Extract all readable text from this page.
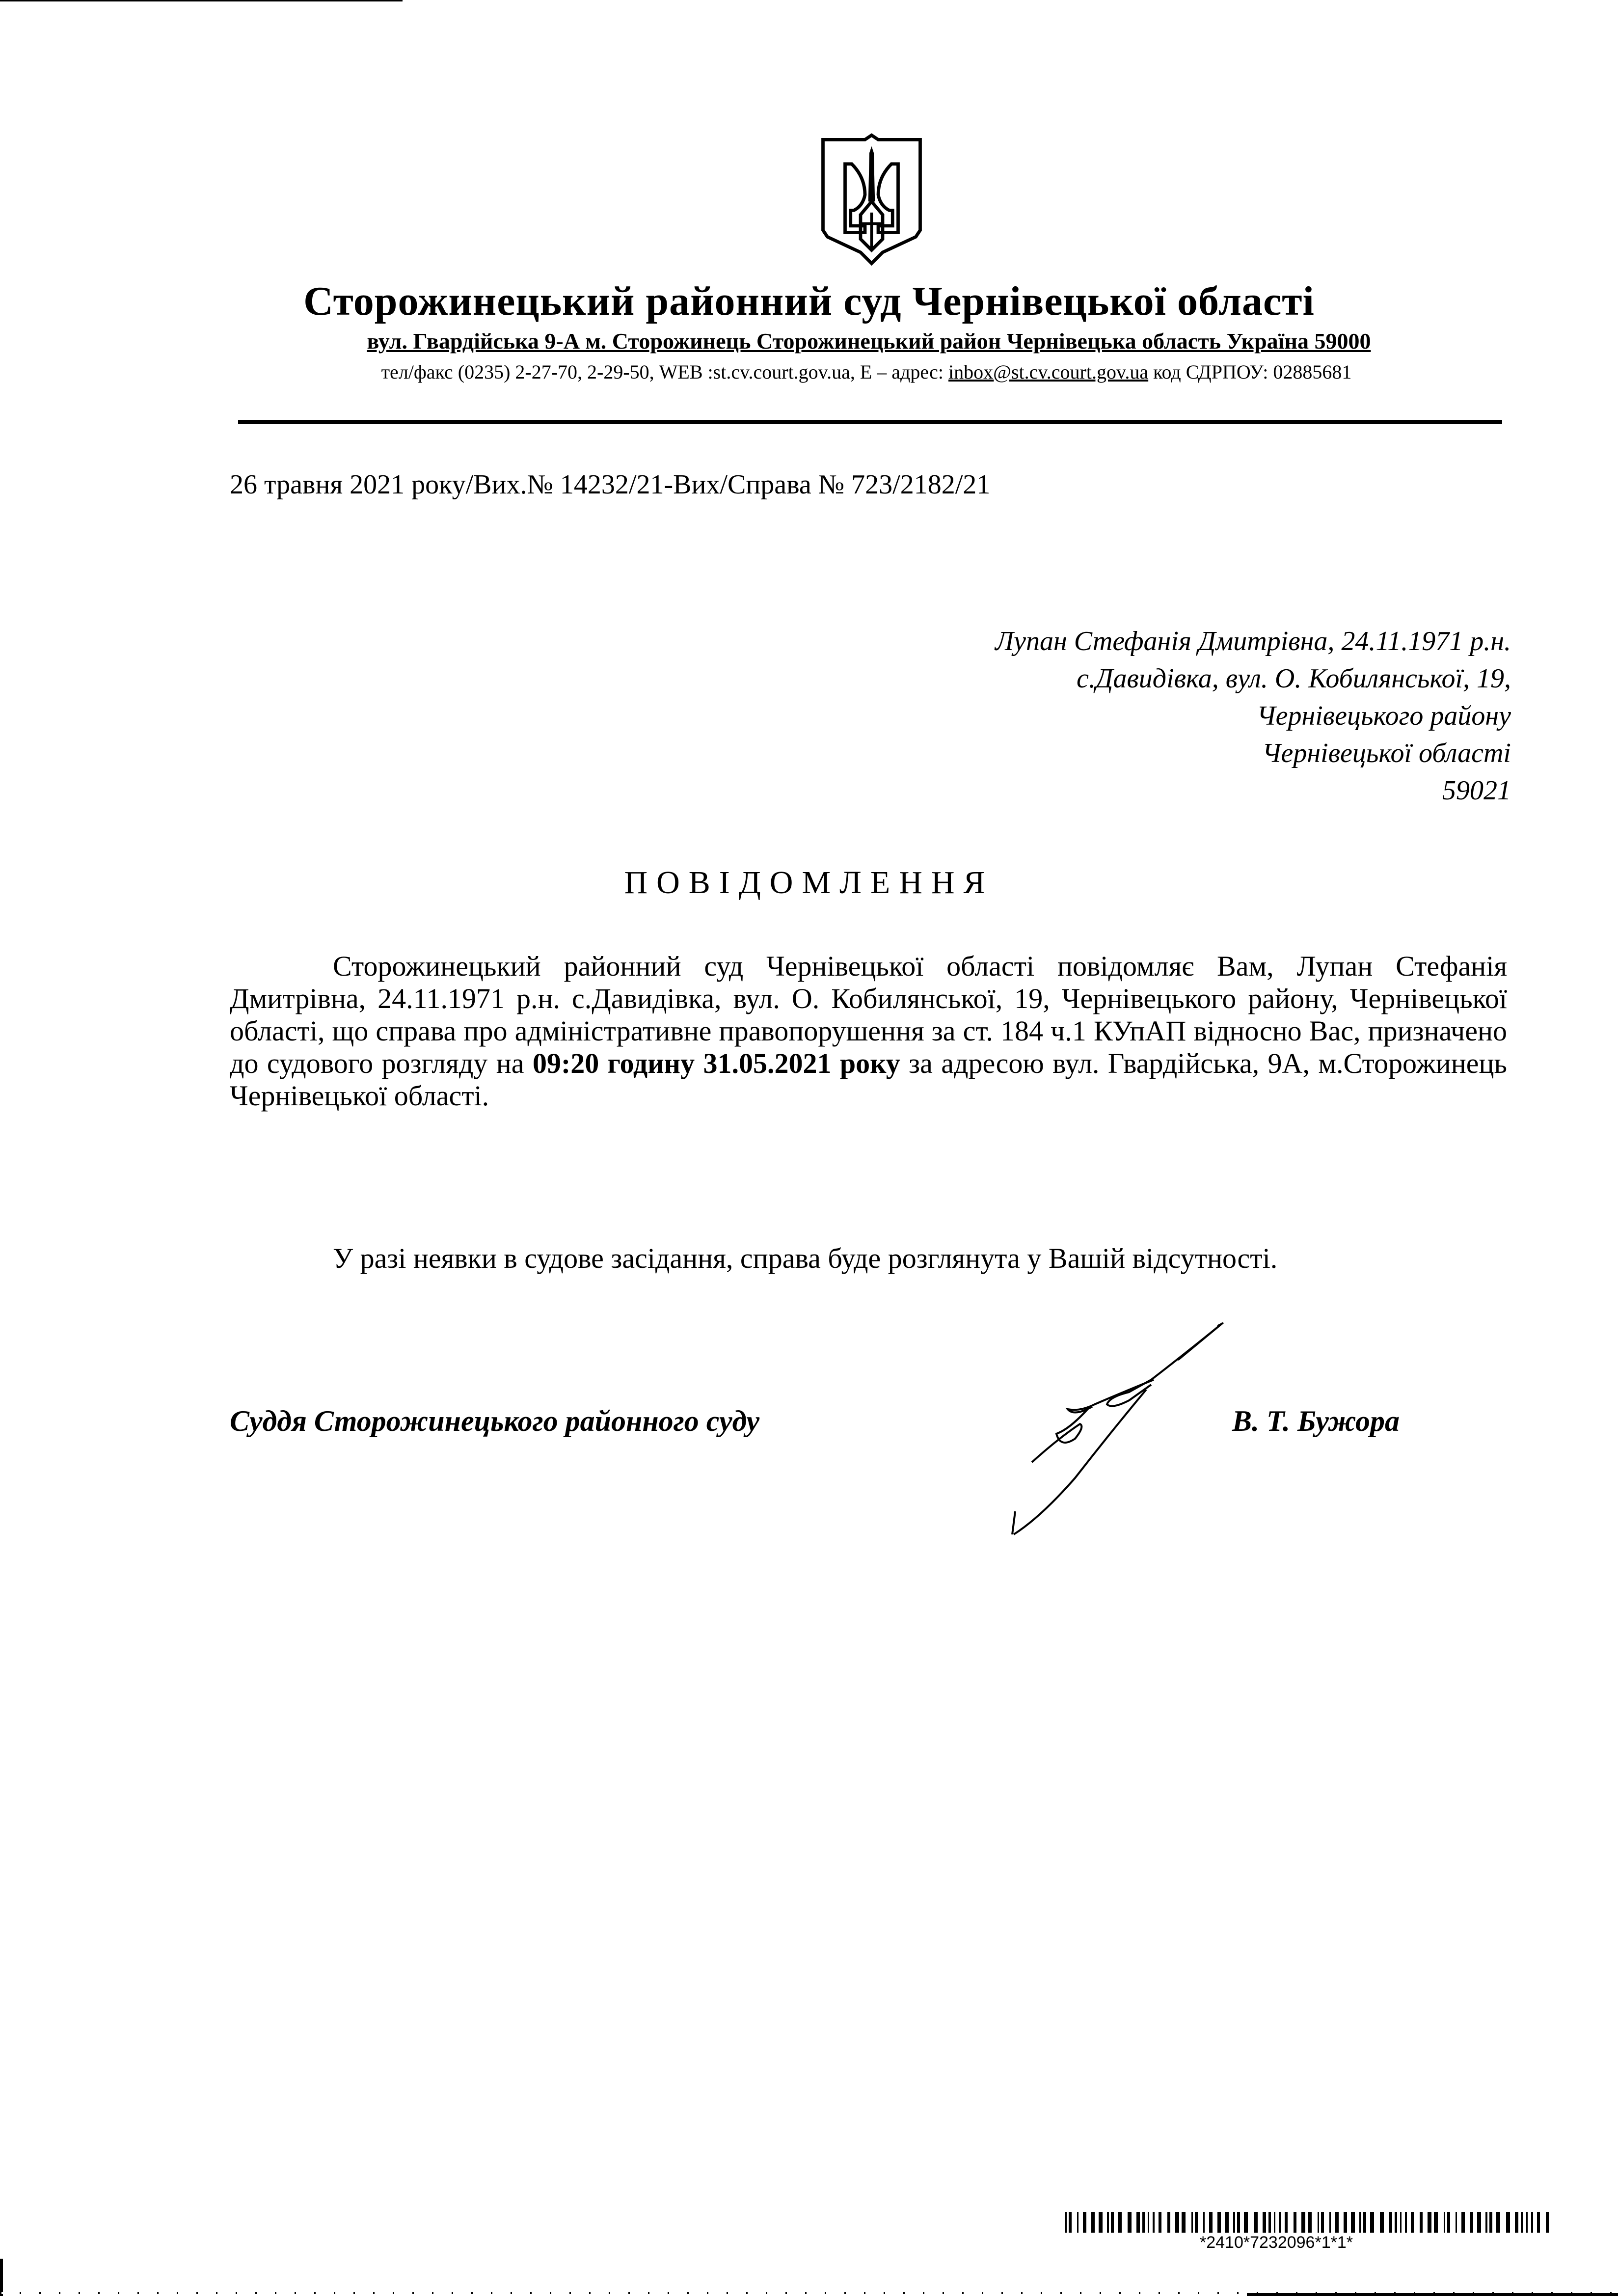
Сторожинецький районний суд Чернівецької області
вул. Гвардійська 9-А м. Сторожинець Сторожинецький район Чернівецька область Україна 59000
тел/факс (0235) 2-27-70, 2-29-50, WEB :st.cv.court.gov.ua, Е – адрес: inbox@st.cv.court.gov.ua код СДРПОУ: 02885681
26 травня 2021 року/Вих.№ 14232/21-Вих/Справа № 723/2182/21
Лупан Стефанія Дмитрівна, 24.11.1971 р.н.
с.Давидівка, вул. О. Кобилянської, 19,
Чернівецького району
Чернівецької області
59021
ПОВІДОМЛЕННЯ
Сторожинецький районний суд Чернівецької області повідомляє Вам, Лупан Стефанія Дмитрівна, 24.11.1971 р.н. с.Давидівка, вул. О. Кобилянської, 19, Чернівецького району, Чернівецької області, що справа про адміністративне правопорушення за ст. 184 ч.1 КУпАП відносно Вас, призначено до судового розгляду на 09:20 годину 31.05.2021 року за адресою вул. Гвардійська, 9А, м.Сторожинець Чернівецької області.
У разі неявки в судове засідання, справа буде розглянута у Вашій відсутності.
Суддя Сторожинецького районного суду	В. Т. Бужора
*2410*7232096*1*1*
